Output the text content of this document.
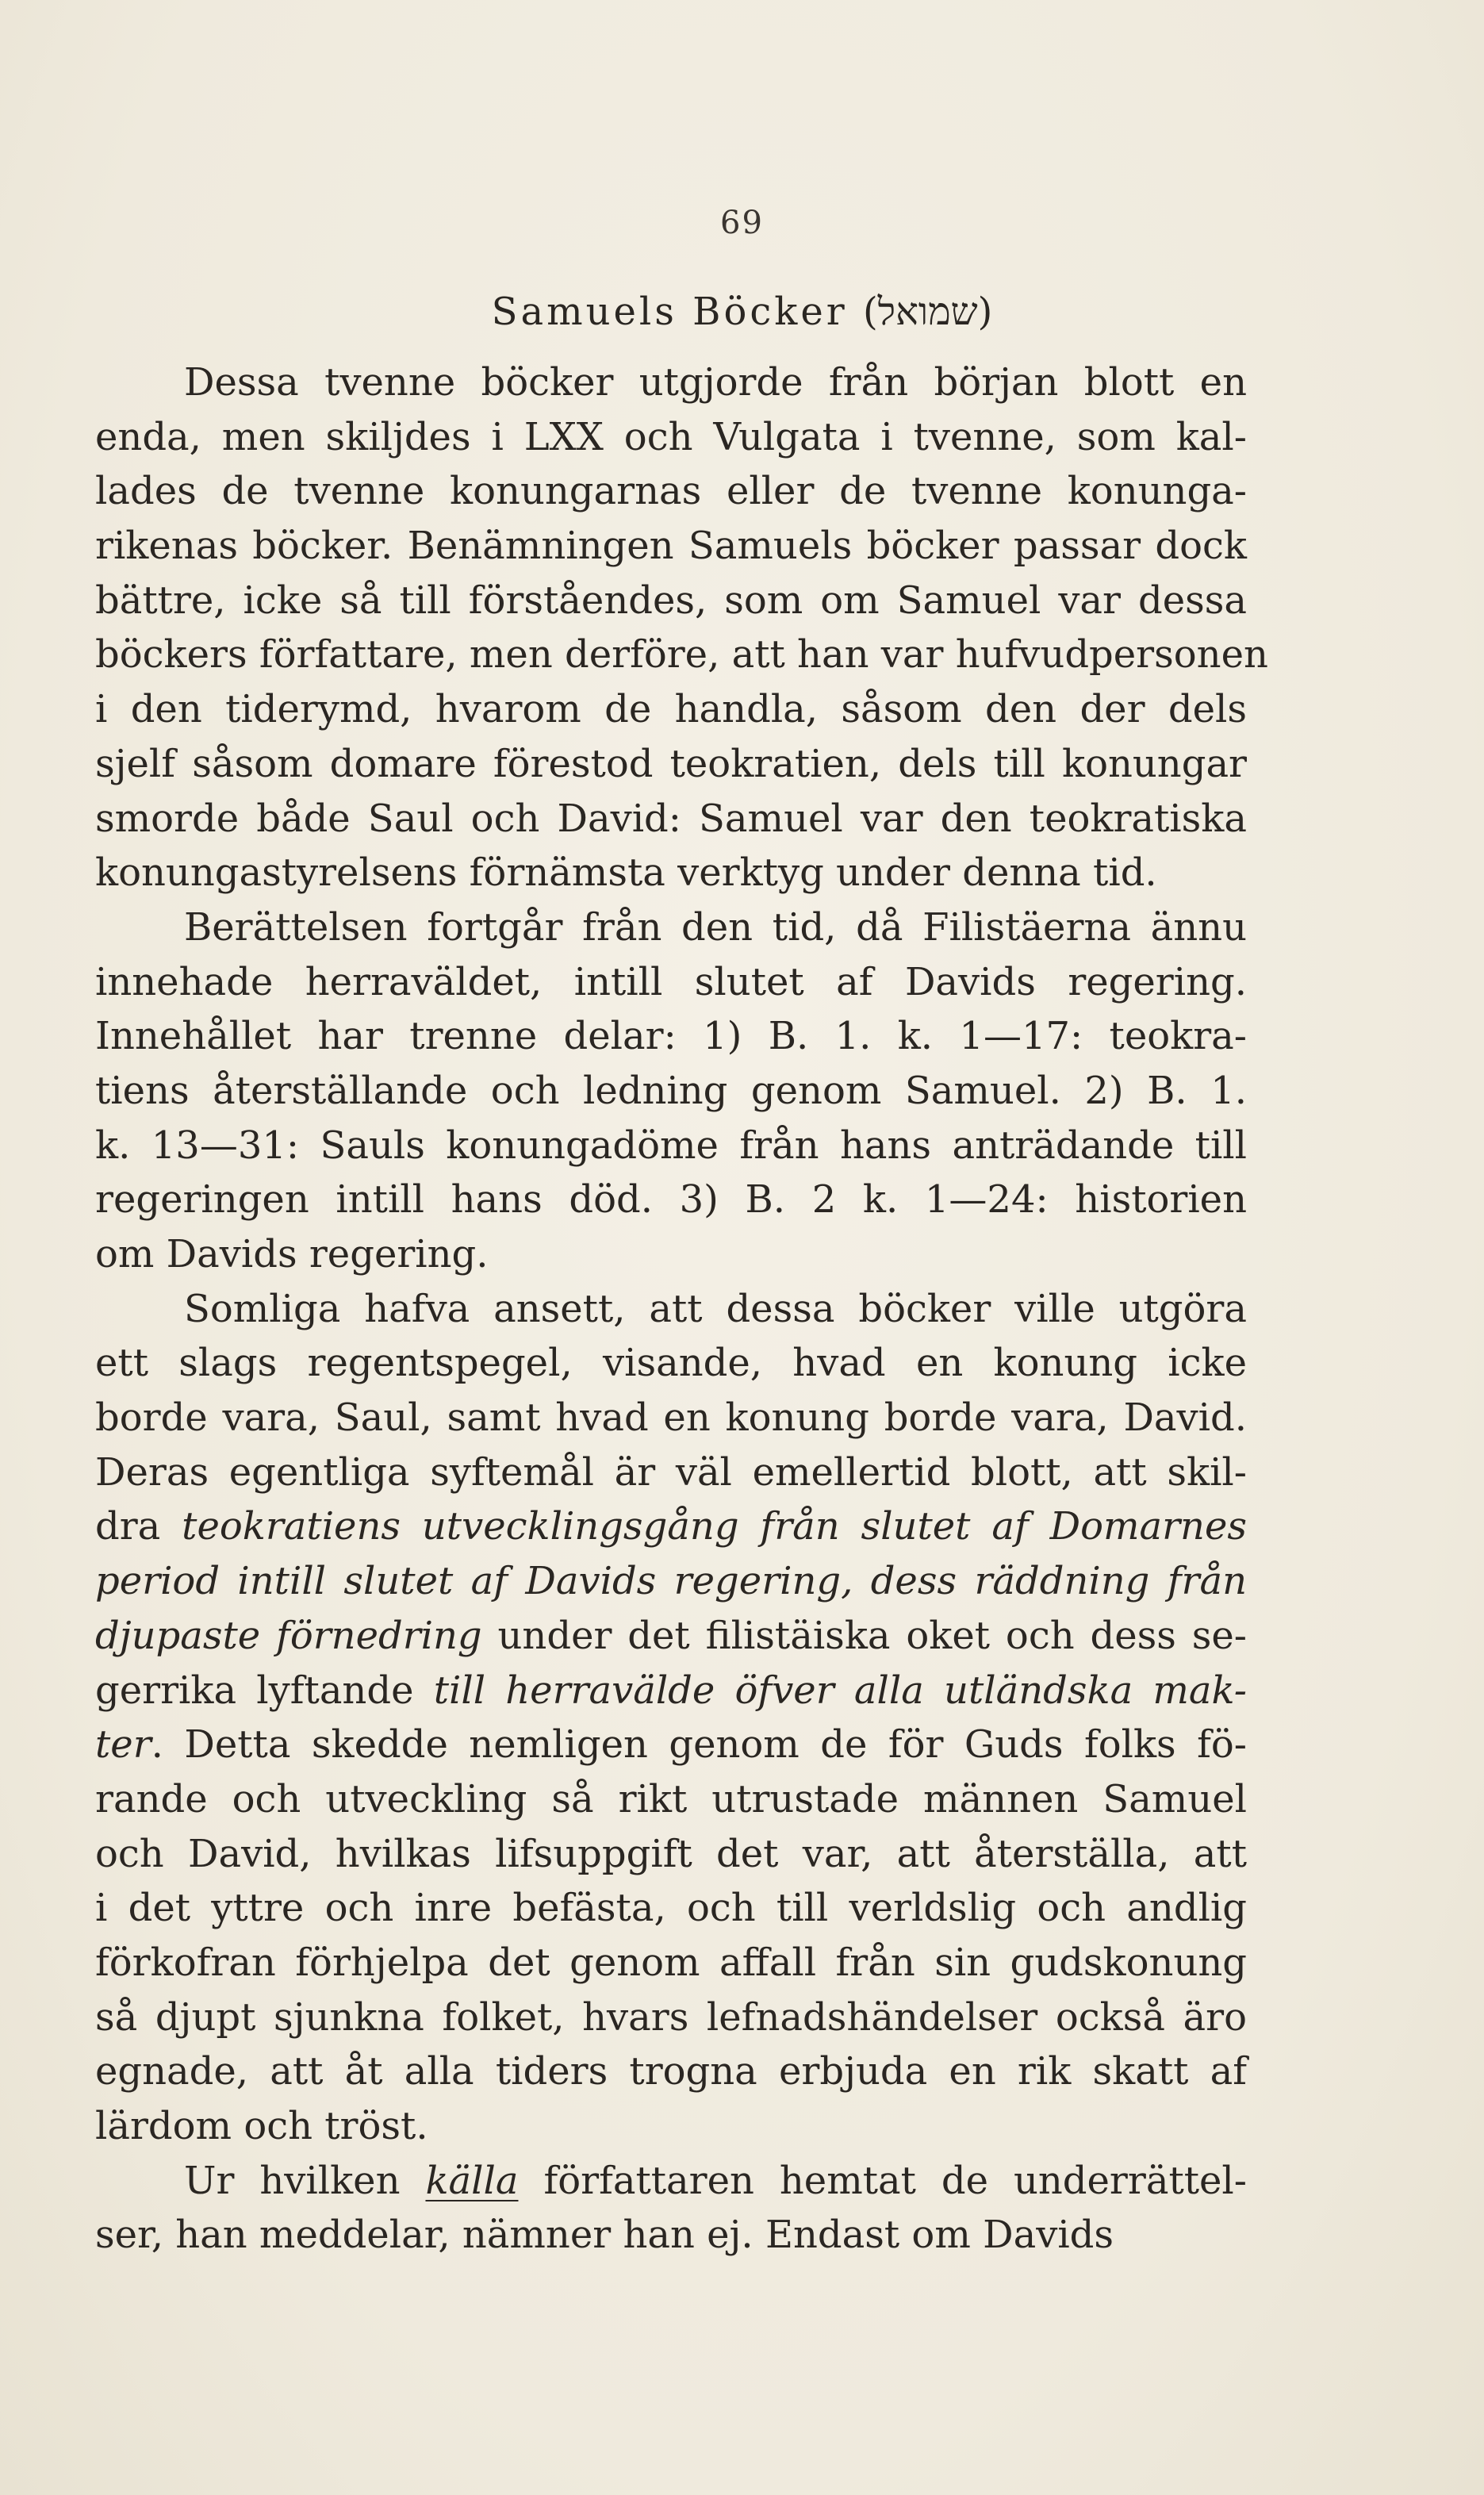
69
Samuels Böcker (שמואל)
Dessa tvenne böcker utgjorde från början blott en
enda, men skiljdes i LXX och Vulgata i tvenne, som kal-
lades de tvenne konungarnas eller de tvenne konunga-
rikenas böcker. Benämningen Samuels böcker passar dock
bättre, icke så till förståendes, som om Samuel var dessa
böckers författare, men derföre, att han var hufvudpersonen
i den tiderymd, hvarom de handla, såsom den der dels
sjelf såsom domare förestod teokratien, dels till konungar
smorde både Saul och David: Samuel var den teokratiska
konungastyrelsens förnämsta verktyg under denna tid.
Berättelsen fortgår från den tid, då Filistäerna ännu
innehade herraväldet, intill slutet af Davids regering.
Innehållet har trenne delar: 1) B. 1. k. 1—17: teokra-
tiens återställande och ledning genom Samuel. 2) B. 1.
k. 13—31: Sauls konungadöme från hans anträdande till
regeringen intill hans död. 3) B. 2 k. 1—24: historien
om Davids regering.
Somliga hafva ansett, att dessa böcker ville utgöra
ett slags regentspegel, visande, hvad en konung icke
borde vara, Saul, samt hvad en konung borde vara, David.
Deras egentliga syftemål är väl emellertid blott, att skil-
dra teokratiens utvecklingsgång från slutet af Domarnes
period intill slutet af Davids regering, dess räddning från
djupaste förnedring under det filistäiska oket och dess se-
gerrika lyftande till herravälde öfver alla utländska mak-
ter. Detta skedde nemligen genom de för Guds folks fö-
rande och utveckling så rikt utrustade männen Samuel
och David, hvilkas lifsuppgift det var, att återställa, att
i det yttre och inre befästa, och till verldslig och andlig
förkofran förhjelpa det genom affall från sin gudskonung
så djupt sjunkna folket, hvars lefnadshändelser också äro
egnade, att åt alla tiders trogna erbjuda en rik skatt af
lärdom och tröst.
Ur hvilken källa författaren hemtat de underrättel-
ser, han meddelar, nämner han ej. Endast om Davids
